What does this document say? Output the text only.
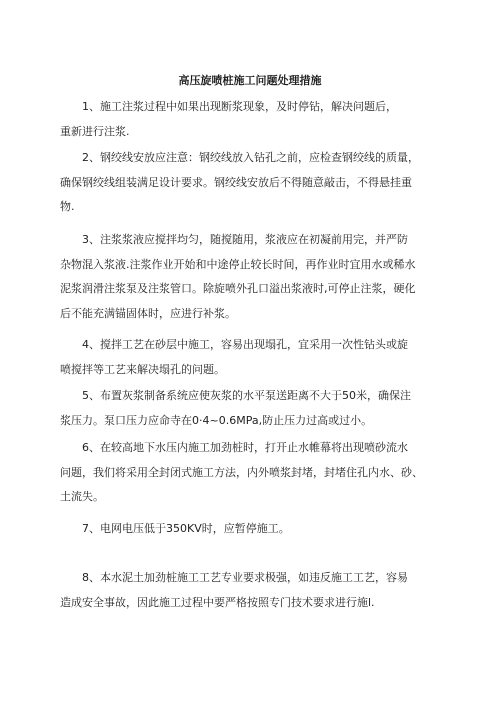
高压旋喷桩施工问题处理措施
1、施工注浆过程中如果出现断浆现象，及时停钻，解决问题后，
重新进行注浆.
2、钢绞线安放应注意：钢绞线放入钻孔之前，应检查钢绞线的质量，
确保钢绞线组装满足设计要求。钢绞线安放后不得随意敲击，不得悬挂重
物.
3、注浆浆液应搅拌均匀，随搅随用，浆液应在初凝前用完，并严防
杂物混入浆液.注浆作业开始和中途停止较长时间，再作业时宜用水或稀水
泥浆润滑注浆泵及注浆管口。除旋喷外孔口溢出浆液时,可停止注浆，硬化
后不能充满锚固体时，应进行补浆。
4、搅拌工艺在砂层中施工，容易出现塌孔，宜采用一次性钻头或旋
喷搅拌等工艺来解决塌孔的问题。
5、布置灰浆制备系统应使灰浆的水平泵送距离不大于50米，确保注
浆压力。泵口压力应命寺在0·4~0.6MPa,防止压力过高或过小。
6、在较高地下水压内施工加劲桩时，打开止水帷幕将出现喷砂流水
问题，我们将采用全封闭式施工方法，内外喷浆封堵，封堵住孔内水、砂、
土流失。
7、电网电压低于350KV时，应暂停施工。
8、本水泥土加劲桩施工工艺专业要求极强，如违反施工工艺，容易
造成安全事故，因此施工过程中要严格按照专门技术要求进行施l.
